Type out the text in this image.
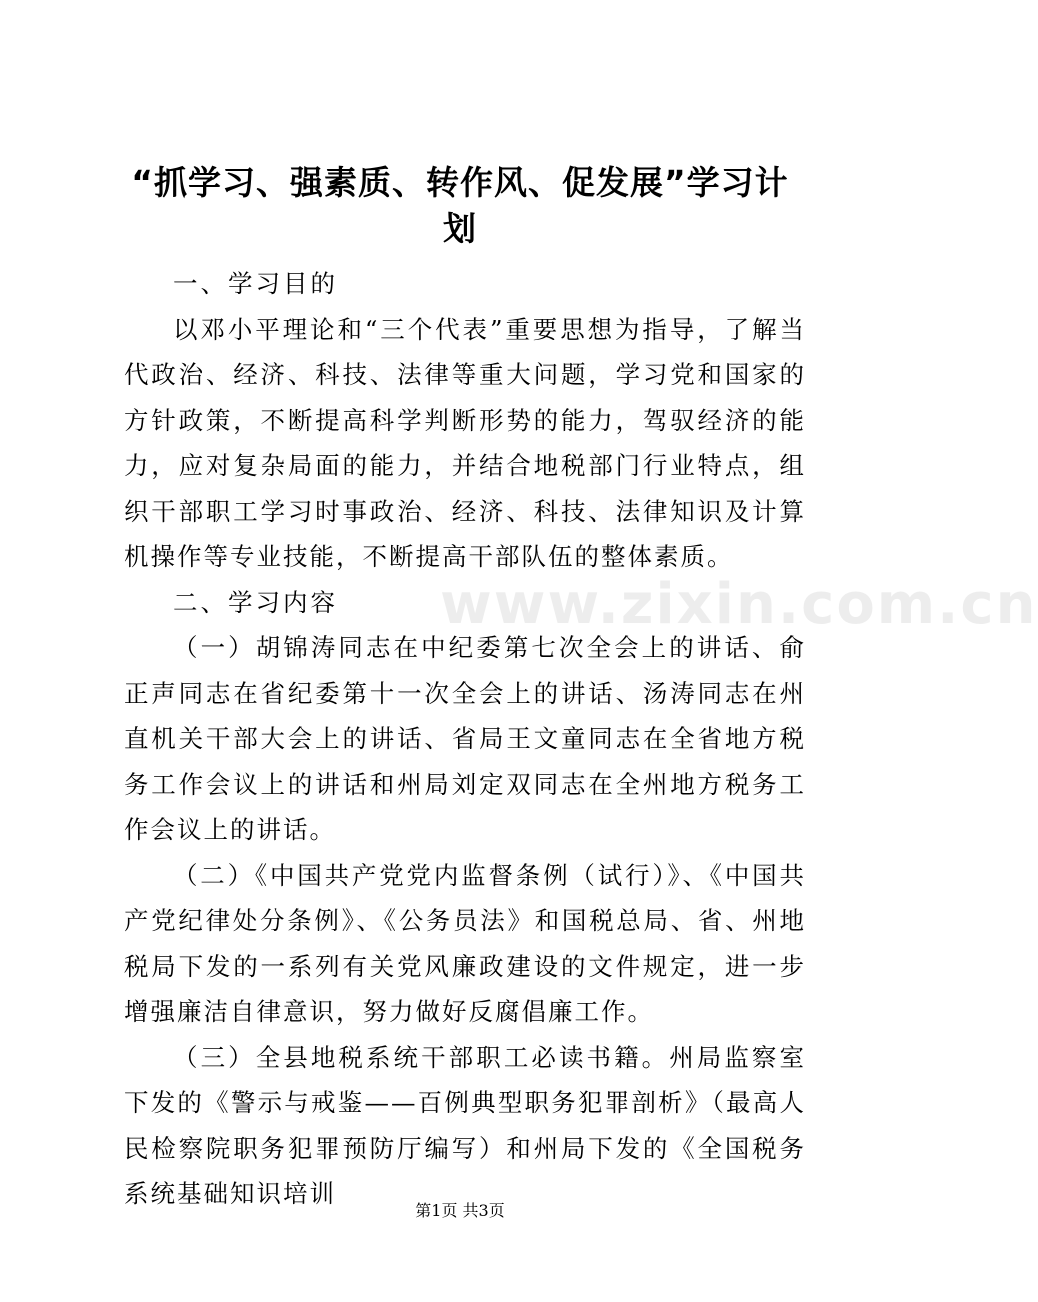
“抓学习、强素质、转作风、促发展”学习计划

一、学习目的

以邓小平理论和“三个代表”重要思想为指导，了解当代政治、经济、科技、法律等重大问题，学习党和国家的方针政策，不断提高科学判断形势的能力，驾驭经济的能力，应对复杂局面的能力，并结合地税部门行业特点，组织干部职工学习时事政治、经济、科技、法律知识及计算机操作等专业技能，不断提高干部队伍的整体素质。

二、学习内容

（一）胡锦涛同志在中纪委第七次全会上的讲话、俞正声同志在省纪委第十一次全会上的讲话、汤涛同志在州直机关干部大会上的讲话、省局王文童同志在全省地方税务工作会议上的讲话和州局刘定双同志在全州地方税务工作会议上的讲话。

（二）《中国共产党党内监督条例（试行）》、《中国共产党纪律处分条例》、《公务员法》和国税总局、省、州地税局下发的一系列有关党风廉政建设的文件规定，进一步增强廉洁自律意识，努力做好反腐倡廉工作。

（三）全县地税系统干部职工必读书籍。州局监察室下发的《警示与戒鉴——百例典型职务犯罪剖析》（最高人民检察院职务犯罪预防厅编写）和州局下发的《全国税务系统基础知识培训

www.zixin.com.cn
第1页 共3页
